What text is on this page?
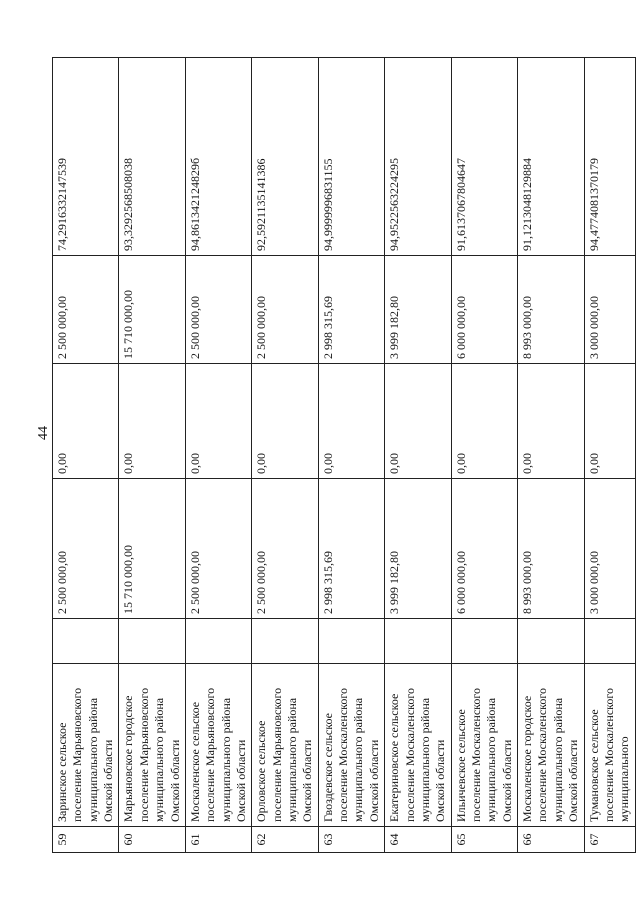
44
59	Заринское сельское поселение Марьяновского муниципального района Омской области		2 500 000,00	0,00	2 500 000,00	74,2916332147539
60	Марьяновское городское поселение Марьяновского муниципального района Омской области		15 710 000,00	0,00	15 710 000,00	93,3292568508038
61	Москаленское сельское поселение Марьяновского муниципального района Омской области		2 500 000,00	0,00	2 500 000,00	94,861342124829б
62	Орловское сельское поселение Марьяновского муниципального района Омской области		2 500 000,00	0,00	2 500 000,00	92,5921135141386
63	Гвоздевское сельское поселение Москаленского муниципального района Омской области		2 998 315,69	0,00	2 998 315,69	94,9999996831155
64	Екатериновское сельское поселение Москаленского муниципального района Омской области		3 999 182,80	0,00	3 999 182,80	94,9522563224295
65	Ильичевское сельское поселение Москаленского муниципального района Омской области		6 000 000,00	0,00	6 000 000,00	91,6137067804647
66	Москаленское городское поселение Москаленского муниципального района Омской области		8 993 000,00	0,00	8 993 000,00	91,1213048129884
67	Тумановское сельское поселение Москаленского муниципального		3 000 000,00	0,00	3 000 000,00	94,4774081370179
